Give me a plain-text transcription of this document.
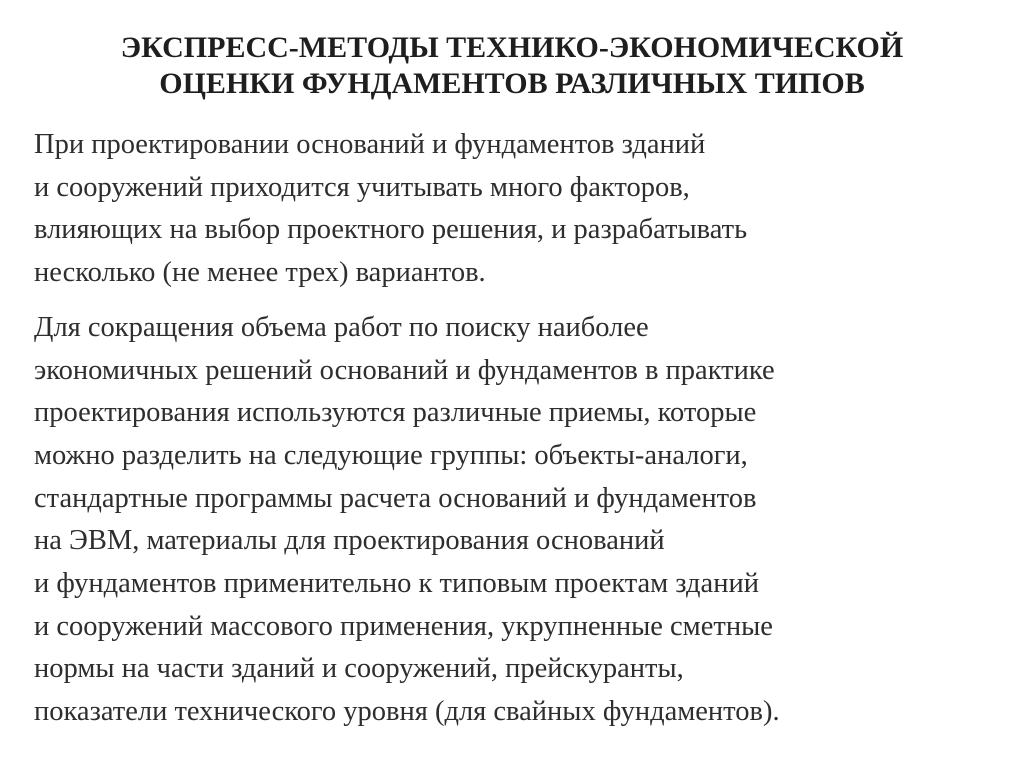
ЭКСПРЕСС-МЕТОДЫ ТЕХНИКО-ЭКОНОМИЧЕСКОЙ
ОЦЕНКИ ФУНДАМЕНТОВ РАЗЛИЧНЫХ ТИПОВ

При проектировании оснований и фундаментов зданий
и сооружений приходится учитывать много факторов,
влияющих на выбор проектного решения, и разрабатывать
несколько (не менее трех) вариантов.

Для сокращения объема работ по поиску наиболее
экономичных решений оснований и фундаментов в практике
проектирования используются различные приемы, которые
можно разделить на следующие группы: объекты-аналоги,
стандартные программы расчета оснований и фундаментов
на ЭВМ, материалы для проектирования оснований
и фундаментов применительно к типовым проектам зданий
и сооружений массового применения, укрупненные сметные
нормы на части зданий и сооружений, прейскуранты,
показатели технического уровня (для свайных фундаментов).
